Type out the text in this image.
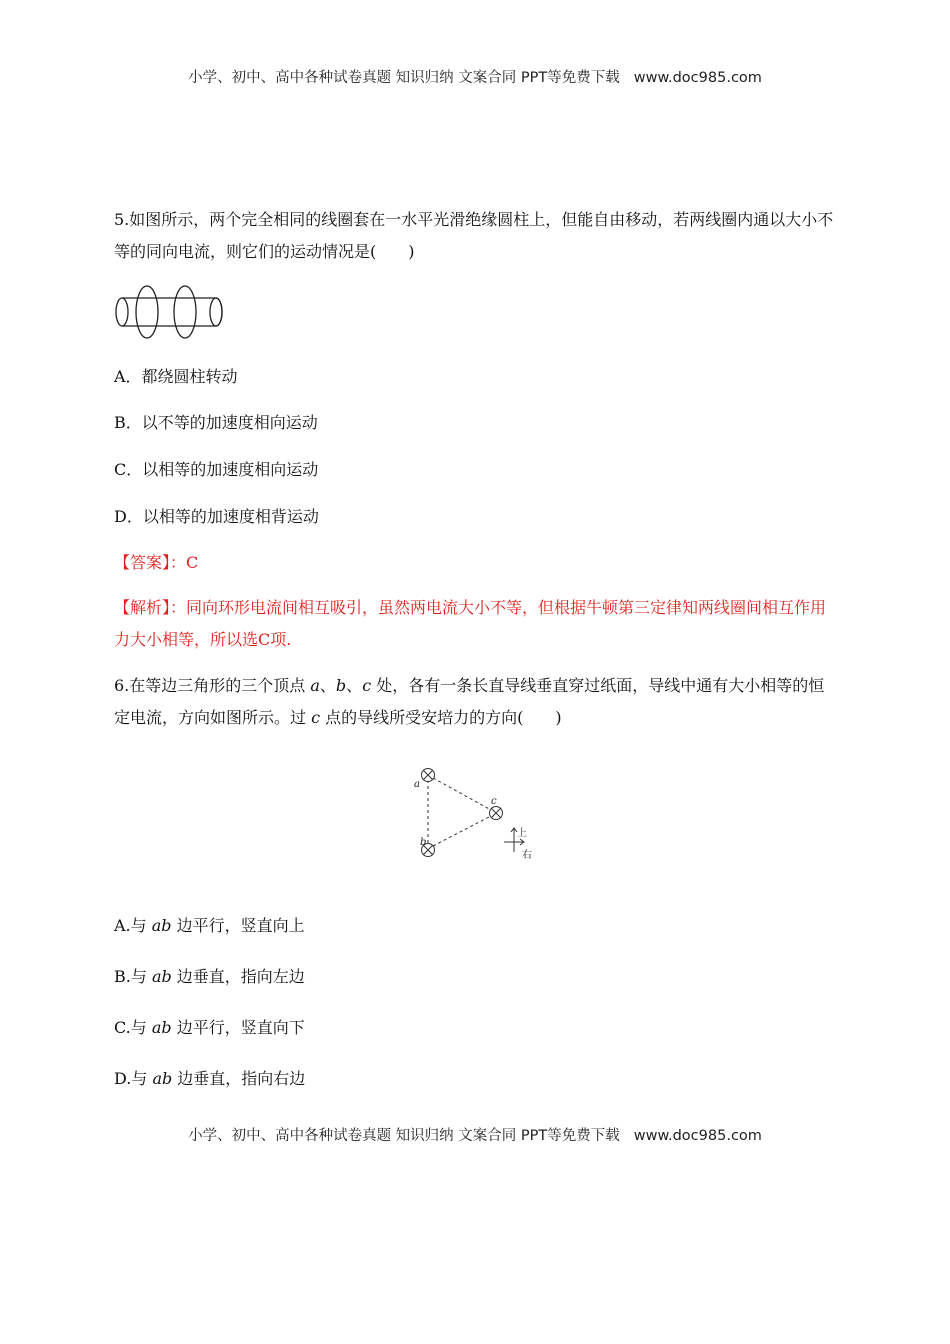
小学、初中、高中各种试卷真题 知识归纳 文案合同 PPT等免费下载 www.doc985.com
5.如图所示，两个完全相同的线圈套在一水平光滑绝缘圆柱上，但能自由移动，若两线圈内通以大小不等的同向电流，则它们的运动情况是(　　)
A．都绕圆柱转动
B．以不等的加速度相向运动
C．以相等的加速度相向运动
D．以相等的加速度相背运动
【答案】：C
【解析】：同向环形电流间相互吸引，虽然两电流大小不等，但根据牛顿第三定律知两线圈间相互作用力大小相等，所以选C项.
6.在等边三角形的三个顶点 a、b、c 处，各有一条长直导线垂直穿过纸面，导线中通有大小相等的恒定电流，方向如图所示。过 c 点的导线所受安培力的方向(　　)
a
b
c
上
右
A.与 ab 边平行，竖直向上
B.与 ab 边垂直，指向左边
C.与 ab 边平行，竖直向下
D.与 ab 边垂直，指向右边
小学、初中、高中各种试卷真题 知识归纳 文案合同 PPT等免费下载 www.doc985.com
